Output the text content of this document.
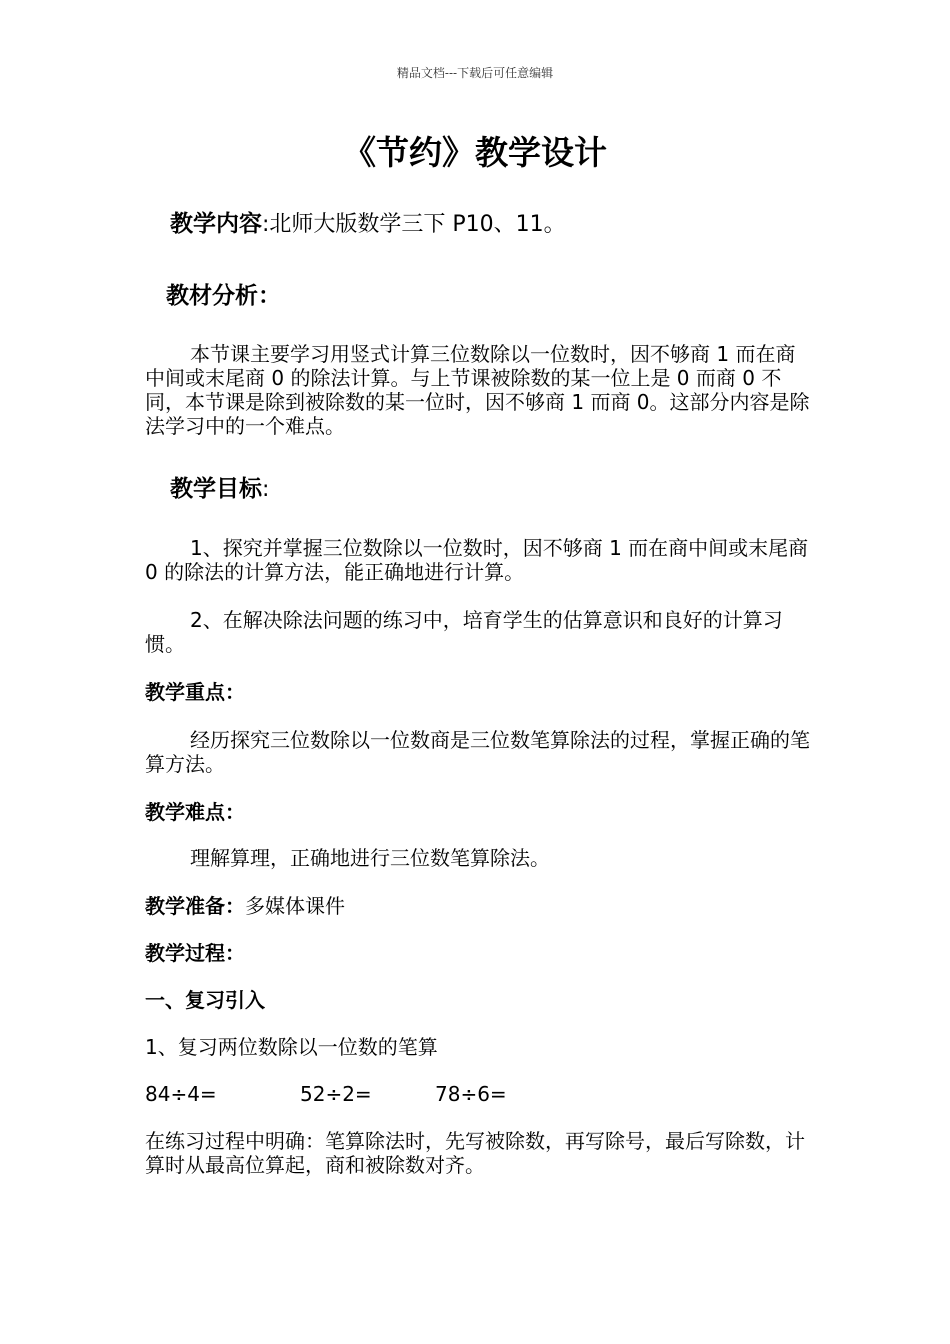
精品文档---下载后可任意编辑
《节约》教学设计
教学内容:北师大版数学三下 P10、11。
教材分析：
本节课主要学习用竖式计算三位数除以一位数时，因不够商 1 而在商中间或末尾商 0 的除法计算。与上节课被除数的某一位上是 0 而商 0 不同，本节课是除到被除数的某一位时，因不够商 1 而商 0。这部分内容是除法学习中的一个难点。
教学目标:
1、探究并掌握三位数除以一位数时，因不够商 1 而在商中间或末尾商 0 的除法的计算方法，能正确地进行计算。
2、在解决除法问题的练习中，培育学生的估算意识和良好的计算习惯。
教学重点：
经历探究三位数除以一位数商是三位数笔算除法的过程，掌握正确的笔算方法。
教学难点：
理解算理，正确地进行三位数笔算除法。
教学准备：多媒体课件
教学过程：
一、复习引入
1、复习两位数除以一位数的笔算
84÷4=	52÷2=	78÷6=
在练习过程中明确：笔算除法时，先写被除数，再写除号，最后写除数，计算时从最高位算起，商和被除数对齐。
